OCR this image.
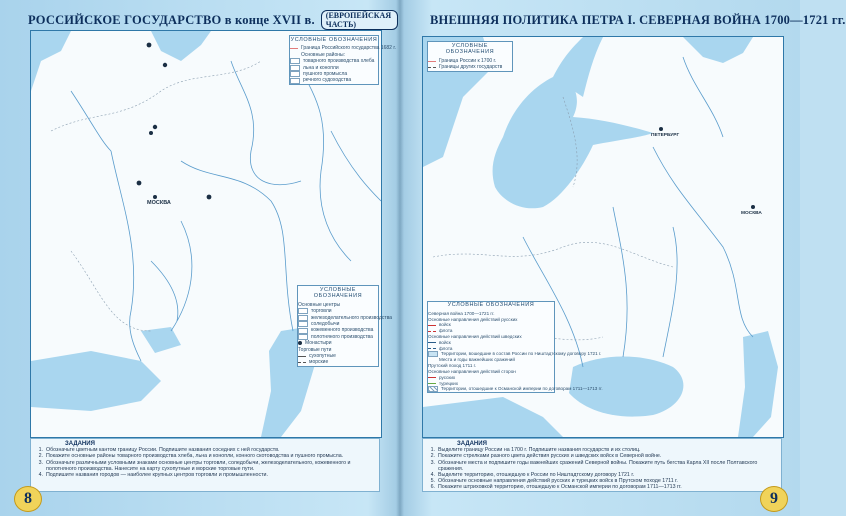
РОССИЙСКОЕ ГОСУДАРСТВО в конце XVII в.	(ЕВРОПЕЙСКАЯ ЧАСТЬ)
МОСКВА
УСЛОВНЫЕ ОБОЗНАЧЕНИЯ
Граница Российского государства 1682 г.
Основные районы:
товарного производства хлеба
льна и конопли
пушного промысла
речного судоходства
УСЛОВНЫЕ ОБОЗНАЧЕНИЯ
Основные центры
торговли
железоделательного производства
соледобычи
кожевенного производства
полотняного производства
Монастыри
Торговые пути
сухопутные
морские
ЗАДАНИЯ
1. Обозначьте цветным кантом границу России. Подпишите названия соседних с ней государств.
2. Покажите основные районы товарного производства хлеба, льна и конопли, конного скотоводства и пушного промысла.
3. Обозначьте различными условными знаками основные центры торговли, соледобычи, железоделательного, кожевенного и полотняного производства. Нанесите на карту сухопутные и морские торговые пути.
4. Подпишите названия городов — наиболее крупных центров торговли и промышленности.
8
ВНЕШНЯЯ ПОЛИТИКА ПЕТРА I. СЕВЕРНАЯ ВОЙНА 1700—1721 гг.
ПЕТЕРБУРГ
МОСКВА
УСЛОВНЫЕ ОБОЗНАЧЕНИЯ
Граница России к 1700 г.
Границы других государств
УСЛОВНЫЕ ОБОЗНАЧЕНИЯ
Северная война 1700—1721 гг.
Основные направления действий русских
войск
флота
Основные направления действий шведских
войск
флота
Территории, вошедшие в состав России по Ништадтскому договору 1721 г.
Места и годы важнейших сражений
Прутский поход 1711 г.
Основные направления действий сторон
русских
турецких
Территории, отошедшие к Османской империи по договорам 1711—1713 гг.
ЗАДАНИЯ
1. Выделите границу России на 1700 г. Подпишите названия государств и их столиц.
2. Покажите стрелками разного цвета действия русских и шведских войск в Северной войне.
3. Обозначьте места и подпишите годы важнейших сражений Северной войны. Покажите путь бегства Карла XII после Полтавского сражения.
4. Выделите территорию, отошедшую к России по Ништадтскому договору 1721 г.
5. Обозначьте основные направления действий русских и турецких войск в Прутском походе 1711 г.
6. Покажите штриховкой территорию, отошедшую к Османской империи по договорам 1711—1713 гг.
9
